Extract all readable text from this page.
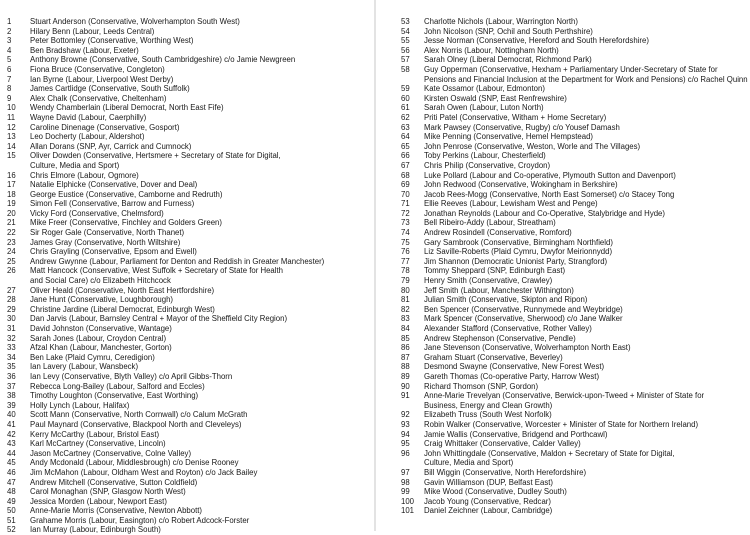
1	Stuart Anderson (Conservative, Wolverhampton South West)
2	Hilary Benn (Labour, Leeds Central)
3	Peter Bottomley (Conservative, Worthing West)
4	Ben Bradshaw (Labour, Exeter)
5	Anthony Browne (Conservative, South Cambridgeshire) c/o Jamie Newgreen
6	Fiona Bruce (Conservative, Congleton)
7	Ian Byrne (Labour, Liverpool West Derby)
8	James Cartlidge (Conservative, South Suffolk)
9	Alex Chalk (Conservative, Cheltenham)
10	Wendy Chamberlain (Liberal Democrat, North East Fife)
11	Wayne David (Labour, Caerphilly)
12	Caroline Dinenage (Conservative, Gosport)
13	Leo Docherty (Labour, Aldershot)
14	Allan Dorans (SNP, Ayr, Carrick and Cumnock)
15	Oliver Dowden (Conservative, Hertsmere + Secretary of State for Digital,
Culture, Media and Sport)
16	Chris Elmore (Labour, Ogmore)
17	Natalie Elphicke (Conservative, Dover and Deal)
18	George Eustice (Conservative, Camborne and Redruth)
19	Simon Fell (Conservative, Barrow and Furness)
20	Vicky Ford (Conservative, Chelmsford)
21	Mike Freer (Conservative, Finchley and Golders Green)
22	Sir Roger Gale (Conservative, North Thanet)
23	James Gray (Conservative, North Wiltshire)
24	Chris Grayling (Conservative, Epsom and Ewell)
25	Andrew Gwynne (Labour, Parliament for Denton and Reddish in Greater Manchester)
26	Matt Hancock (Conservative, West Suffolk + Secretary of State for Health
and Social Care) c/o Elizabeth Hitchcock
27	Oliver Heald (Conservative, North East Hertfordshire)
28	Jane Hunt (Conservative, Loughborough)
29	Christine Jardine (Liberal Democrat, Edinburgh West)
30	Dan Jarvis (Labour, Barnsley Central + Mayor of the Sheffield City Region)
31	David Johnston (Conservative, Wantage)
32	Sarah Jones (Labour, Croydon Central)
33	Afzal Khan (Labour, Manchester, Gorton)
34	Ben Lake (Plaid Cymru, Ceredigion)
35	Ian Lavery (Labour, Wansbeck)
36	Ian Levy (Conservative, Blyth Valley) c/o April Gibbs-Thorn
37	Rebecca Long-Bailey (Labour, Salford and Eccles)
38	Timothy Loughton (Conservative, East Worthing)
39	Holly Lynch (Labour, Halifax)
40	Scott Mann (Conservative, North Cornwall) c/o Calum McGrath
41	Paul Maynard (Conservative, Blackpool North and Cleveleys)
42	Kerry McCarthy (Labour, Bristol East)
43	Karl McCartney (Conservative, Lincoln)
44	Jason McCartney (Conservative, Colne Valley)
45	Andy Mcdonald (Labour, Middlesbrough) c/o Denise Rooney
46	Jim McMahon (Labour, Oldham West and Royton) c/o Jack Bailey
47	Andrew Mitchell (Conservative, Sutton Coldfield)
48	Carol Monaghan (SNP, Glasgow North West)
49	Jessica Morden (Labour, Newport East)
50	Anne-Marie Morris (Conservative, Newton Abbott)
51	Grahame Morris (Labour, Easington) c/o Robert Adcock-Forster
52	Ian Murray (Labour, Edinburgh South)
53	Charlotte Nichols (Labour, Warrington North)
54	John Nicolson (SNP, Ochil and South Perthshire)
55	Jesse Norman (Conservative, Hereford and South Herefordshire)
56	Alex Norris (Labour, Nottingham North)
57	Sarah Olney (Liberal Democrat, Richmond Park)
58	Guy Opperman (Conservative, Hexham + Parliamentary Under-Secretary of State for
Pensions and Financial Inclusion at the Department for Work and Pensions) c/o Rachel Quinn
59	Kate Ossamor (Labour, Edmonton)
60	Kirsten Oswald (SNP, East Renfrewshire)
61	Sarah Owen (Labour, Luton North)
62	Priti Patel (Conservative, Witham + Home Secretary)
63	Mark Pawsey (Conservative, Rugby) c/o Yousef Damash
64	Mike Penning (Conservative, Hemel Hempstead)
65	John Penrose (Conservative, Weston, Worle and The Villages)
66	Toby Perkins (Labour, Chesterfield)
67	Chris Philip (Conservative, Croydon)
68	Luke Pollard (Labour and Co-operative, Plymouth Sutton and Davenport)
69	John Redwood (Conservative, Wokingham in Berkshire)
70	Jacob Rees-Mogg (Conservative, North East Somerset) c/o Stacey Tong
71	Ellie Reeves (Labour, Lewisham West and Penge)
72	Jonathan Reynolds (Labour and Co-Operative, Stalybridge and Hyde)
73	Bell Ribeiro-Addy (Labour, Streatham)
74	Andrew Rosindell (Conservative, Romford)
75	Gary Sambrook (Conservative, Birmingham Northfield)
76	Liz Saville-Roberts (Plaid Cymru, Dwyfor Meirionnydd)
77	Jim Shannon (Democratic Unionist Party, Strangford)
78	Tommy Sheppard (SNP, Edinburgh East)
79	Henry Smith (Conservative, Crawley)
80	Jeff Smith (Labour, Manchester Withington)
81	Julian Smith (Conservative, Skipton and Ripon)
82	Ben Spencer (Conservative, Runnymede and Weybridge)
83	Mark Spencer (Conservative, Sherwood) c/o Jane Walker
84	Alexander Stafford (Conservative, Rother Valley)
85	Andrew Stephenson (Conservative, Pendle)
86	Jane Stevenson (Conservative, Wolverhampton North East)
87	Graham Stuart (Conservative, Beverley)
88	Desmond Swayne (Conservative, New Forest West)
89	Gareth Thomas (Co-operative Party, Harrow West)
90	Richard Thomson (SNP, Gordon)
91	Anne-Marie Trevelyan (Conservative, Berwick-upon-Tweed + Minister of State for
Business, Energy and Clean Growth)
92	Elizabeth Truss (South West Norfolk)
93	Robin Walker (Conservative, Worcester + Minister of State for Northern Ireland)
94	Jamie Wallis (Conservative, Bridgend and Porthcawl)
95	Craig Whittaker (Conservative, Calder Valley)
96	John Whittingdale (Conservative, Maldon + Secretary of State for Digital,
Culture, Media and Sport)
97	Bill Wiggin (Conservative, North Herefordshire)
98	Gavin Williamson (DUP, Belfast East)
99	Mike Wood (Conservative, Dudley South)
100	Jacob Young (Conservative, Redcar)
101	Daniel Zeichner (Labour, Cambridge)
